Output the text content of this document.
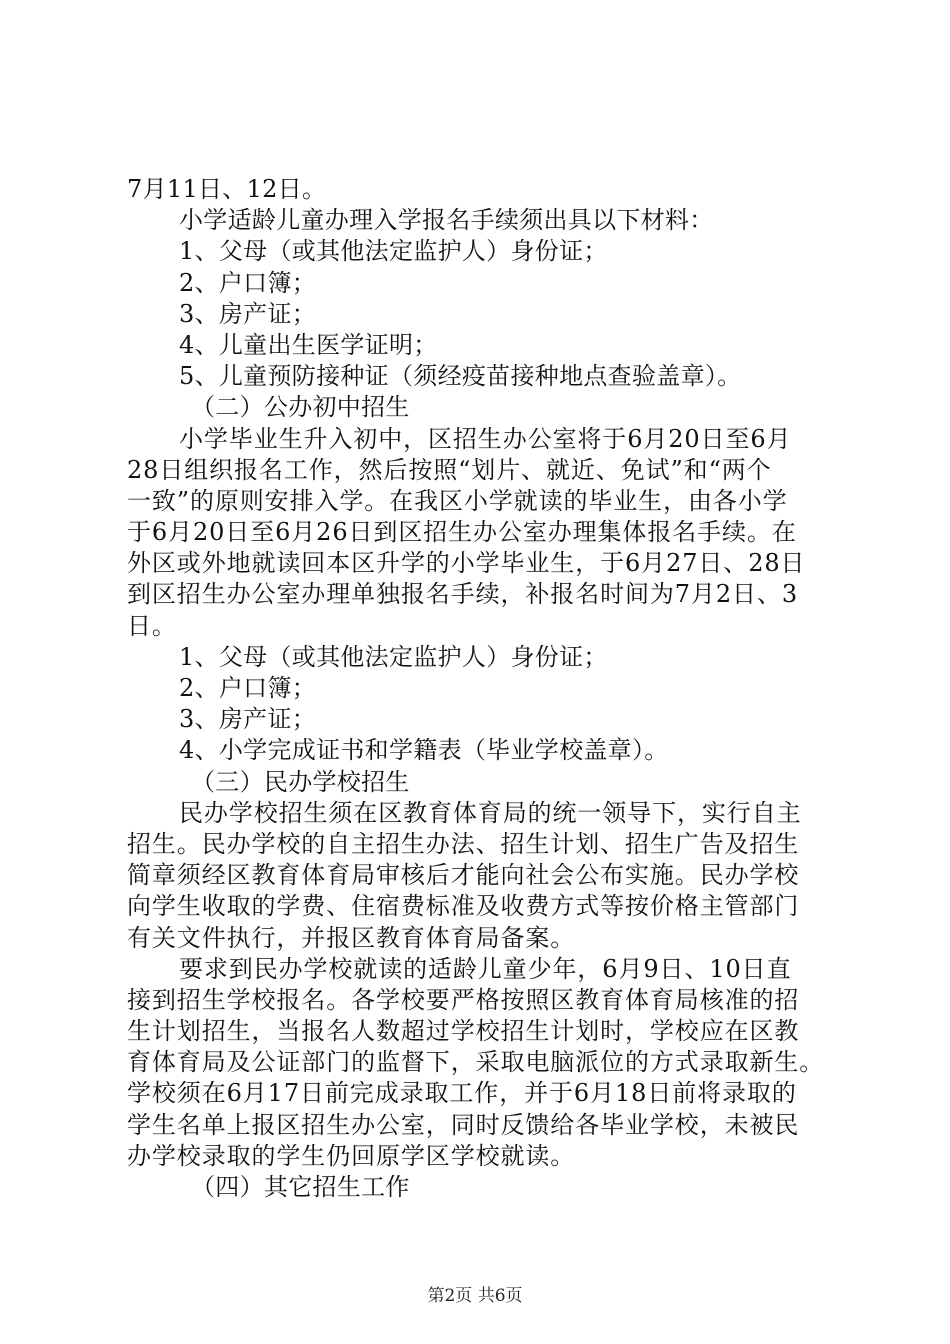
7月11日、12日。
小学适龄儿童办理入学报名手续须出具以下材料：
1、父母（或其他法定监护人）身份证；
2、户口簿；
3、房产证；
4、儿童出生医学证明；
5、儿童预防接种证（须经疫苗接种地点查验盖章）。
（二）公办初中招生
小学毕业生升入初中，区招生办公室将于6月20日至6月
28日组织报名工作，然后按照“划片、就近、免试”和“两个
一致”的原则安排入学。在我区小学就读的毕业生，由各小学
于6月20日至6月26日到区招生办公室办理集体报名手续。在
外区或外地就读回本区升学的小学毕业生，于6月27日、28日
到区招生办公室办理单独报名手续，补报名时间为7月2日、3
日。
1、父母（或其他法定监护人）身份证；
2、户口簿；
3、房产证；
4、小学完成证书和学籍表（毕业学校盖章）。
（三）民办学校招生
民办学校招生须在区教育体育局的统一领导下，实行自主
招生。民办学校的自主招生办法、招生计划、招生广告及招生
简章须经区教育体育局审核后才能向社会公布实施。民办学校
向学生收取的学费、住宿费标准及收费方式等按价格主管部门
有关文件执行，并报区教育体育局备案。
要求到民办学校就读的适龄儿童少年，6月9日、10日直
接到招生学校报名。各学校要严格按照区教育体育局核准的招
生计划招生，当报名人数超过学校招生计划时，学校应在区教
育体育局及公证部门的监督下，采取电脑派位的方式录取新生。
学校须在6月17日前完成录取工作，并于6月18日前将录取的
学生名单上报区招生办公室，同时反馈给各毕业学校，未被民
办学校录取的学生仍回原学区学校就读。
（四）其它招生工作
第2页 共6页
